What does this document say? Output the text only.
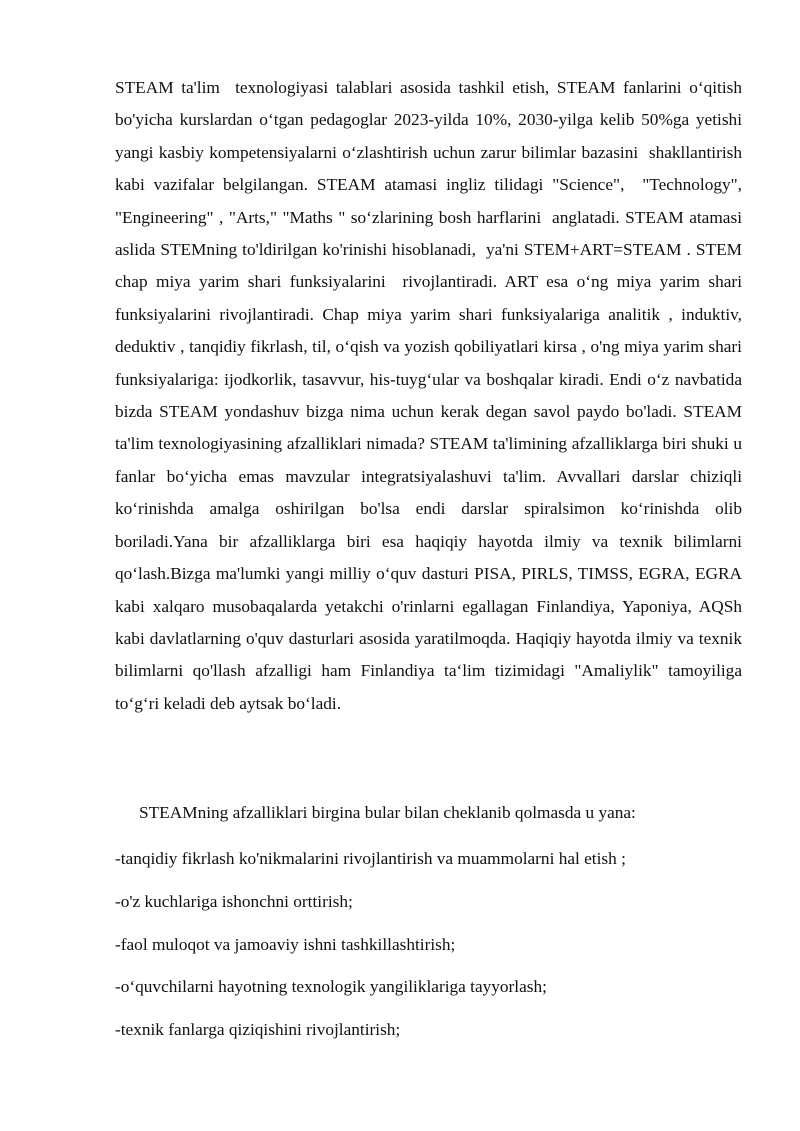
STEAM ta'lim  texnologiyasi talablari asosida tashkil etish, STEAM fanlarini o‘qitish bo'yicha kurslardan o‘tgan pedagoglar 2023-yilda 10%, 2030-yilga kelib 50%ga yetishi  yangi kasbiy kompetensiyalarni o‘zlashtirish uchun zarur bilimlar bazasini  shakllantirish kabi vazifalar belgilangan. STEAM atamasi ingliz tilidagi "Science",  "Technology", "Engineering" , "Arts," "Maths " so‘zlarining bosh harflarini  anglatadi. STEAM atamasi aslida STEMning to'ldirilgan ko'rinishi hisoblanadi,  ya'ni STEM+ART=STEAM . STEM chap miya yarim shari funksiyalarini  rivojlantiradi. ART esa o‘ng miya yarim shari funksiyalarini rivojlantiradi. Chap miya yarim shari funksiyalariga analitik , induktiv, deduktiv , tanqidiy fikrlash, til, o‘qish va yozish qobiliyatlari kirsa , o'ng miya yarim shari funksiyalariga: ijodkorlik, tasavvur, his-tuyg‘ular va boshqalar kiradi. Endi o‘z navbatida bizda STEAM yondashuv bizga nima uchun kerak degan savol paydo bo'ladi. STEAM ta'lim texnologiyasining afzalliklari nimada? STEAM ta'limining afzalliklarga biri shuki u fanlar bo‘yicha emas mavzular integratsiyalashuvi ta'lim. Avvallari darslar chiziqli ko‘rinishda amalga oshirilgan bo'lsa endi darslar spiralsimon ko‘rinishda olib boriladi.Yana bir afzalliklarga biri esa haqiqiy hayotda ilmiy va texnik bilimlarni qo‘lash.Bizga ma'lumki yangi milliy o‘quv dasturi PISA, PIRLS, TIMSS, EGRA, EGRA kabi xalqaro musobaqalarda yetakchi o'rinlarni egallagan Finlandiya, Yaponiya, AQSh kabi davlatlarning o'quv dasturlari asosida yaratilmoqda. Haqiqiy hayotda ilmiy va texnik bilimlarni qo'llash afzalligi ham Finlandiya ta‘lim tizimidagi "Amaliylik" tamoyiliga to‘g‘ri keladi deb aytsak bo‘ladi.

STEAMning afzalliklari birgina bular bilan cheklanib qolmasda u yana:

-tanqidiy fikrlash ko'nikmalarini rivojlantirish va muammolarni hal etish ;
-o'z kuchlariga ishonchni orttirish;
-faol muloqot va jamoaviy ishni tashkillashtirish;
-o‘quvchilarni hayotning texnologik yangiliklariga tayyorlash;
-texnik fanlarga qiziqishini rivojlantirish;
